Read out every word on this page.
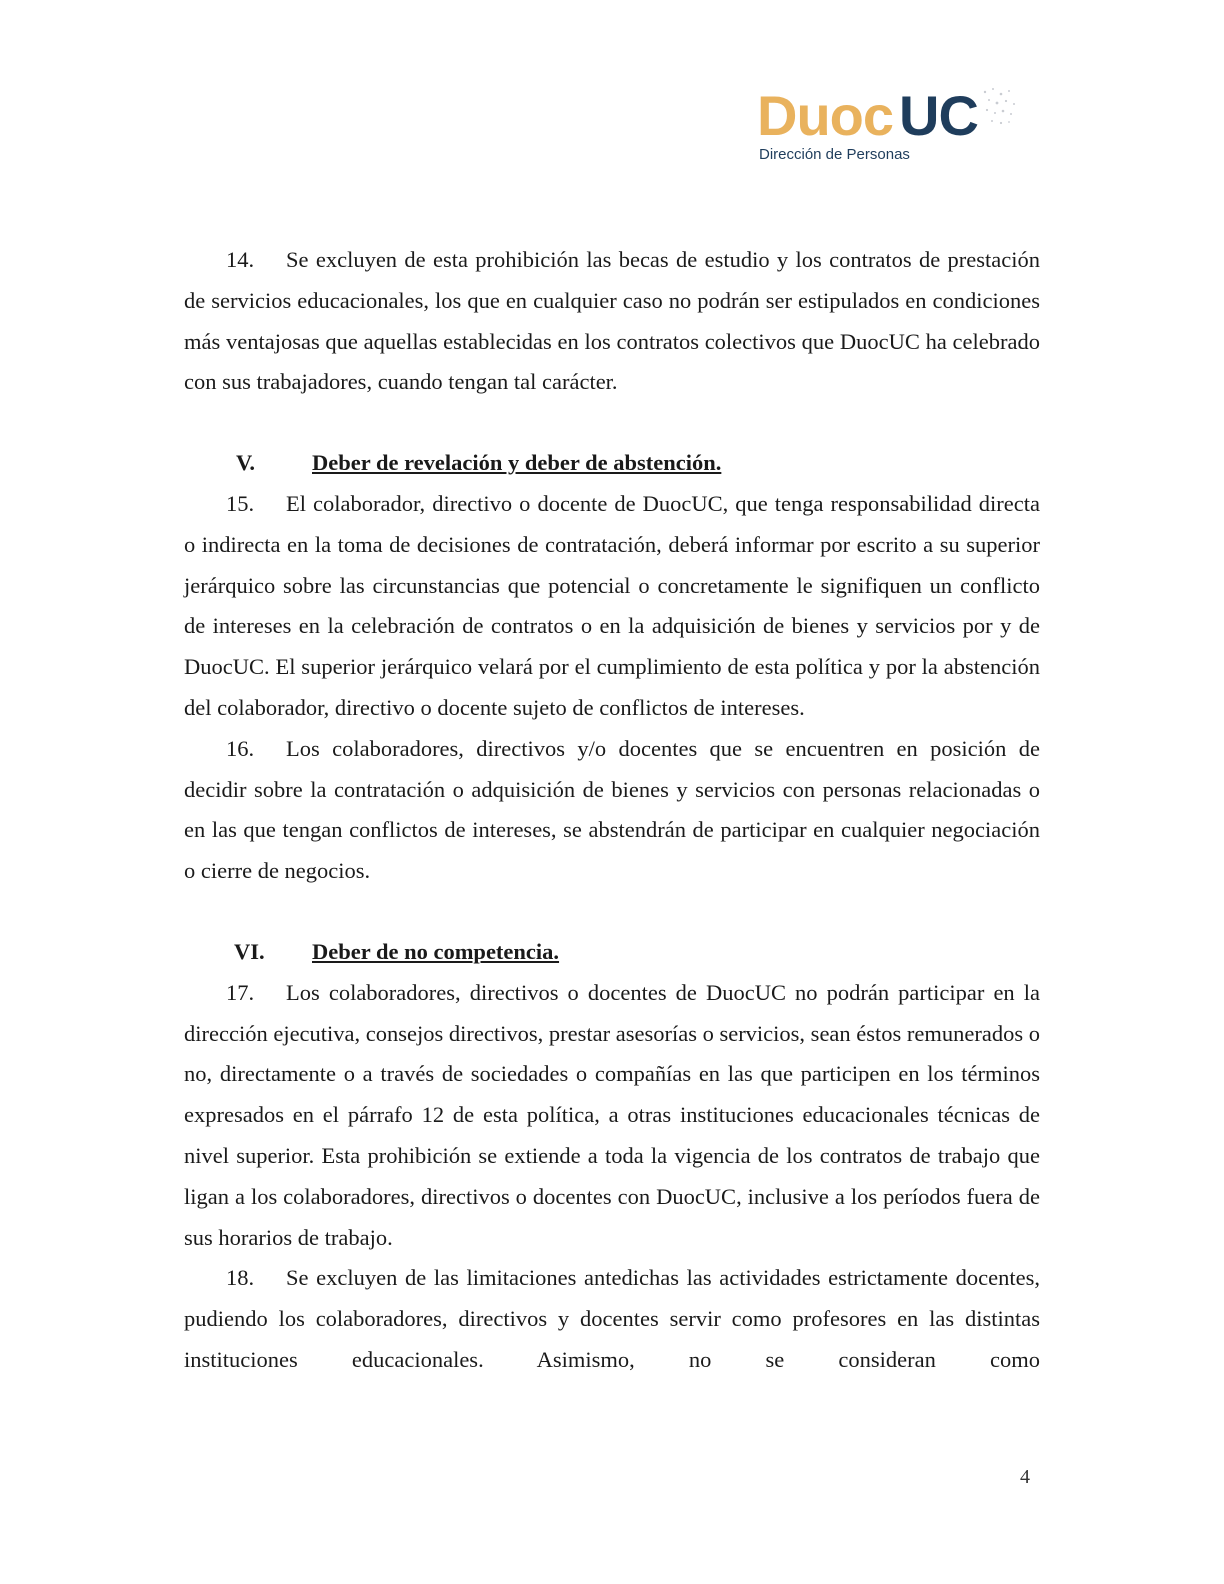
Duoc UC
Dirección de Personas

14. Se excluyen de esta prohibición las becas de estudio y los contratos de prestación de servicios educacionales, los que en cualquier caso no podrán ser estipulados en condiciones más ventajosas que aquellas establecidas en los contratos colectivos que DuocUC ha celebrado con sus trabajadores, cuando tengan tal carácter.

V.	Deber de revelación y deber de abstención.

15. El colaborador, directivo o docente de DuocUC, que tenga responsabilidad directa o indirecta en la toma de decisiones de contratación, deberá informar por escrito a su superior jerárquico sobre las circunstancias que potencial o concretamente le signifiquen un conflicto de intereses en la celebración de contratos o en la adquisición de bienes y servicios por y de DuocUC. El superior jerárquico velará por el cumplimiento de esta política y por la abstención del colaborador, directivo o docente sujeto de conflictos de intereses.

16. Los colaboradores, directivos y/o docentes que se encuentren en posición de decidir sobre la contratación o adquisición de bienes y servicios con personas relacionadas o en las que tengan conflictos de intereses, se abstendrán de participar en cualquier negociación o cierre de negocios.

VI. Deber de no competencia.

17. Los colaboradores, directivos o docentes de DuocUC no podrán participar en la dirección ejecutiva, consejos directivos, prestar asesorías o servicios, sean éstos remunerados o no, directamente o a través de sociedades o compañías en las que participen en los términos expresados en el párrafo 12 de esta política, a otras instituciones educacionales técnicas de nivel superior. Esta prohibición se extiende a toda la vigencia de los contratos de trabajo que ligan a los colaboradores, directivos o docentes con DuocUC, inclusive a los períodos fuera de sus horarios de trabajo.

18. Se excluyen de las limitaciones antedichas las actividades estrictamente docentes, pudiendo los colaboradores, directivos y docentes servir como profesores en las distintas instituciones educacionales. Asimismo, no se consideran como

4
